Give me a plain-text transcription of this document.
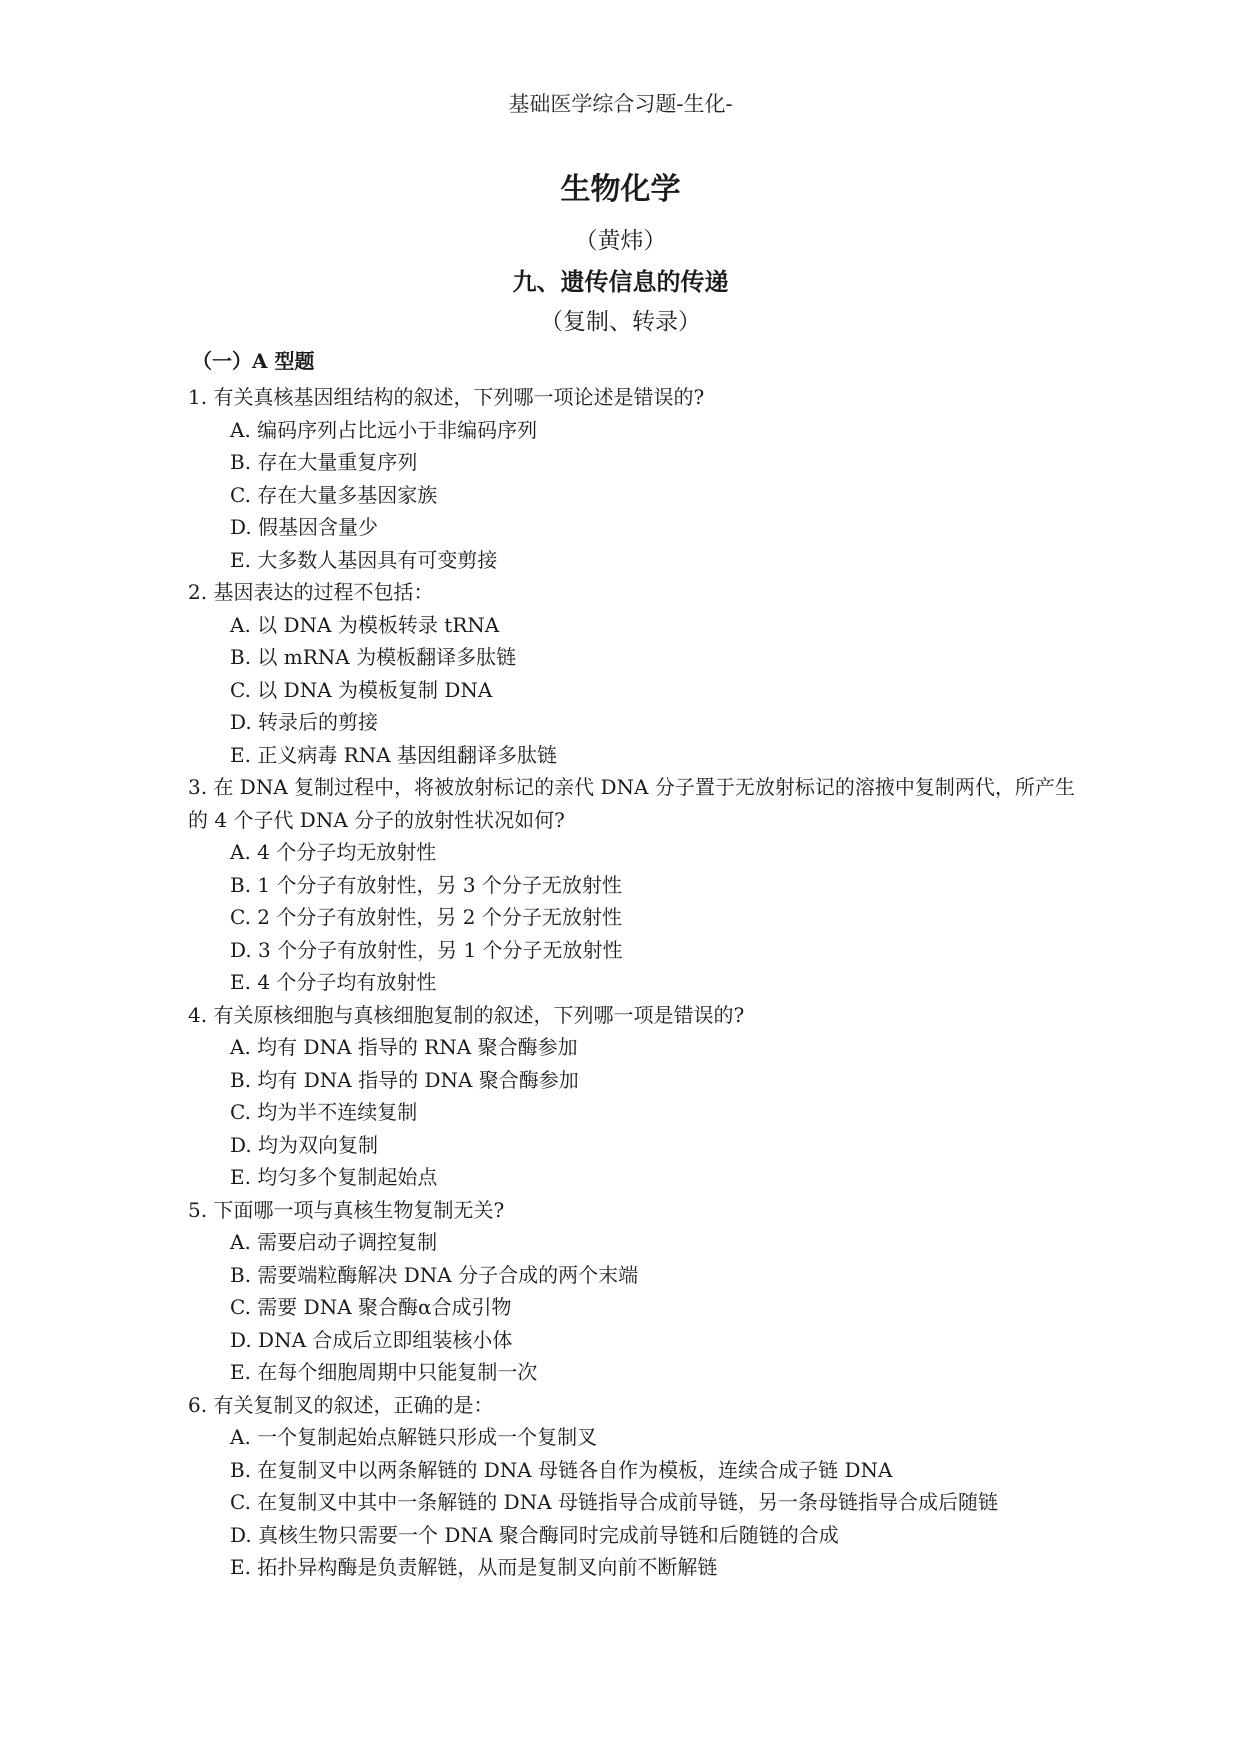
基础医学综合习题-生化-
生物化学
（黄炜）
九、遗传信息的传递
（复制、转录）
（一）A 型题

1. 有关真核基因组结构的叙述，下列哪一项论述是错误的?

A. 编码序列占比远小于非编码序列

B. 存在大量重复序列

C. 存在大量多基因家族

D. 假基因含量少

E. 大多数人基因具有可变剪接

2. 基因表达的过程不包括：

A. 以 DNA 为模板转录 tRNA

B. 以 mRNA 为模板翻译多肽链

C. 以 DNA 为模板复制 DNA

D. 转录后的剪接

E. 正义病毒 RNA 基因组翻译多肽链

3. 在 DNA 复制过程中，将被放射标记的亲代 DNA 分子置于无放射标记的溶掖中复制两代，所产生的 4 个子代 DNA 分子的放射性状况如何?

A. 4 个分子均无放射性

B. 1 个分子有放射性，另 3 个分子无放射性

C. 2 个分子有放射性，另 2 个分子无放射性

D. 3 个分子有放射性，另 1 个分子无放射性

E. 4 个分子均有放射性

4. 有关原核细胞与真核细胞复制的叙述，下列哪一项是错误的?

A. 均有 DNA 指导的 RNA 聚合酶参加

B. 均有 DNA 指导的 DNA 聚合酶参加

C. 均为半不连续复制

D. 均为双向复制

E. 均匀多个复制起始点

5. 下面哪一项与真核生物复制无关?

A. 需要启动子调控复制

B. 需要端粒酶解决 DNA 分子合成的两个末端

C. 需要 DNA 聚合酶α合成引物

D. DNA 合成后立即组装核小体

E. 在每个细胞周期中只能复制一次

6. 有关复制叉的叙述，正确的是：

A. 一个复制起始点解链只形成一个复制叉

B. 在复制叉中以两条解链的 DNA 母链各自作为模板，连续合成子链 DNA

C. 在复制叉中其中一条解链的 DNA 母链指导合成前导链，另一条母链指导合成后随链

D. 真核生物只需要一个 DNA 聚合酶同时完成前导链和后随链的合成

E. 拓扑异构酶是负责解链，从而是复制叉向前不断解链
